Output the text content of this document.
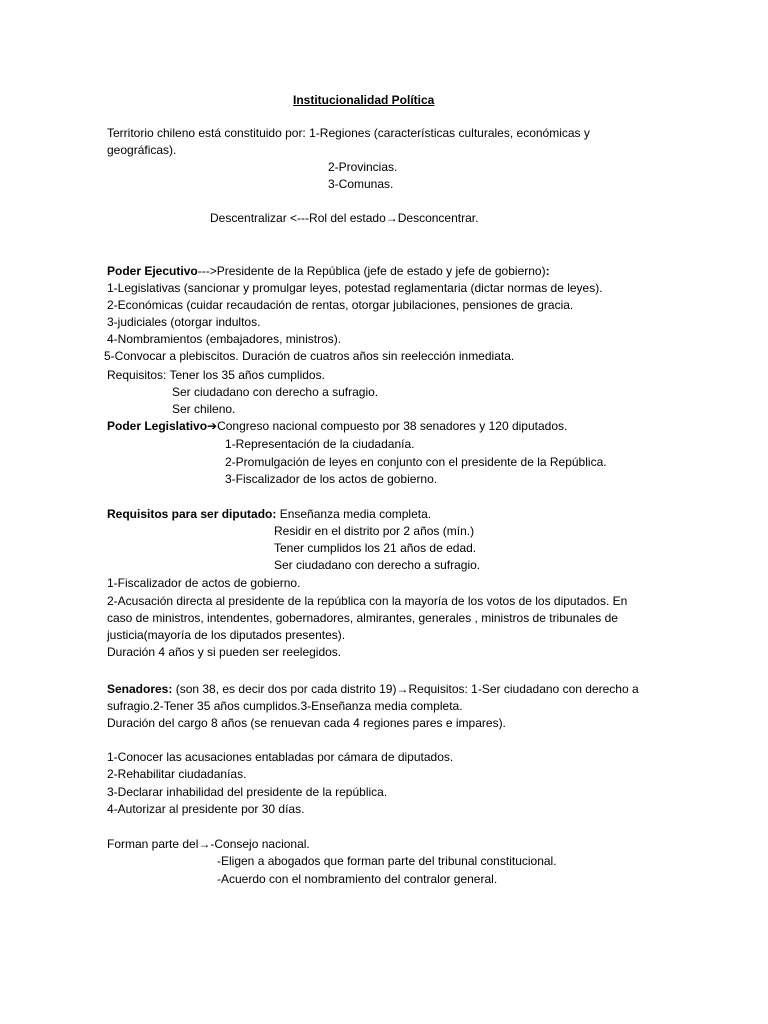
Institucionalidad Política
Territorio chileno está constituido por: 1-Regiones (características culturales, económicas y
geográficas).
2-Provincias.
3-Comunas.
Descentralizar <---Rol del estado→Desconcentrar.
Poder Ejecutivo--->Presidente de la República (jefe de estado y jefe de gobierno):
1-Legislativas (sancionar y promulgar leyes, potestad reglamentaria (dictar normas de leyes).
2-Económicas (cuidar recaudación de rentas, otorgar jubilaciones, pensiones de gracia.
3-judiciales (otorgar indultos.
4-Nombramientos (embajadores, ministros).
5-Convocar a plebiscitos. Duración de cuatros años sin reelección inmediata.
Requisitos: Tener los 35 años cumplidos.
Ser ciudadano con derecho a sufragio.
Ser chileno.
Poder Legislativo➔Congreso nacional compuesto por 38 senadores y 120 diputados.
1-Representación de la ciudadanía.
2-Promulgación de leyes en conjunto con el presidente de la República.
3-Fiscalizador de los actos de gobierno.
Requisitos para ser diputado: Enseñanza media completa.
Residir en el distrito por 2 años (mín.)
Tener cumplidos los 21 años de edad.
Ser ciudadano con derecho a sufragio.
1-Fiscalizador de actos de gobierno.
2-Acusación directa al presidente de la república con la mayoría de los votos de los diputados. En
caso de ministros, intendentes, gobernadores, almirantes, generales , ministros de tribunales de
justicia(mayoría de los diputados presentes).
Duración 4 años y si pueden ser reelegidos.
Senadores: (son 38, es decir dos por cada distrito 19)→Requisitos: 1-Ser ciudadano con derecho a
sufragio.2-Tener 35 años cumplidos.3-Enseñanza media completa.
Duración del cargo 8 años (se renuevan cada 4 regiones pares e impares).
1-Conocer las acusaciones entabladas por cámara de diputados.
2-Rehabilitar ciudadanías.
3-Declarar inhabilidad del presidente de la república.
4-Autorizar al presidente por 30 días.
Forman parte del→-Consejo nacional.
-Eligen a abogados que forman parte del tribunal constitucional.
-Acuerdo con el nombramiento del contralor general.
